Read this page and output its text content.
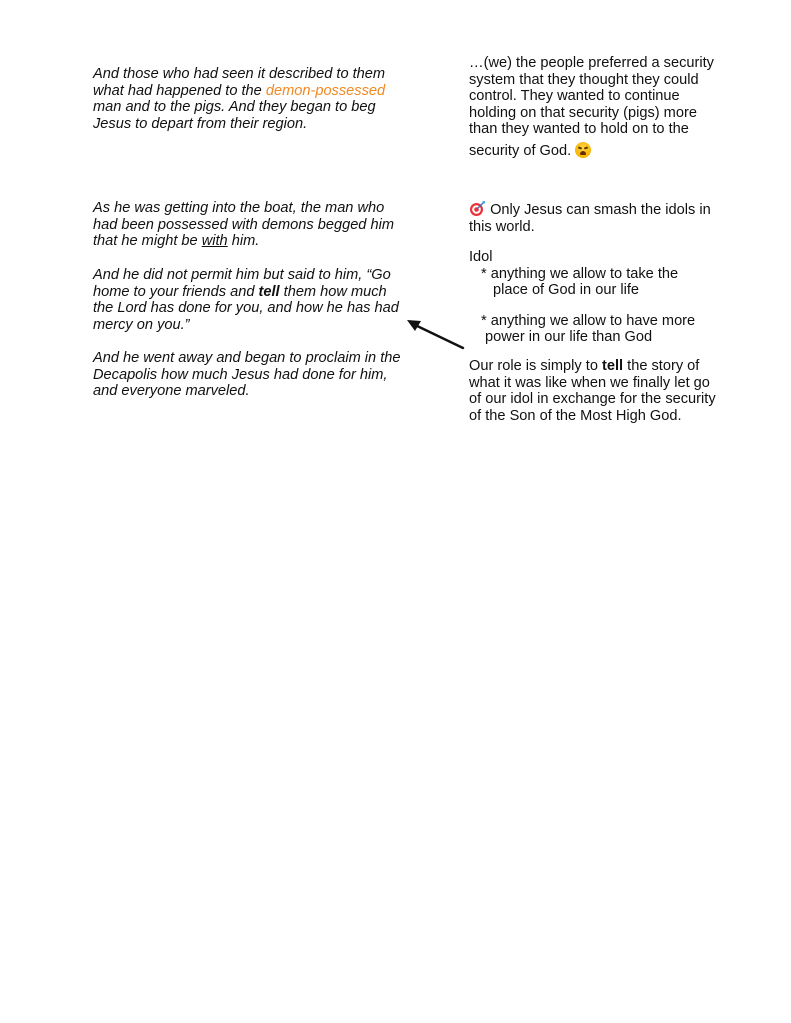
And those who had seen it described to them what had happened to the demon-possessed man and to the pigs. And they began to beg Jesus to depart from their region.

As he was getting into the boat, the man who had been possessed with demons begged him that he might be with him.

And he did not permit him but said to him, “Go home to your friends and tell them how much the Lord has done for you, and how he has had mercy on you.”

And he went away and began to proclaim in the Decapolis how much Jesus had done for him, and everyone marveled.

…(we) the people preferred a security
system that they thought they could
control. They wanted to continue
holding on that security (pigs) more
than they wanted to hold on to the
security of God.

Only Jesus can smash the idols in this world.

Idol
* anything we allow to take the
place of God in our life
* anything we allow to have more
power in our life than God

Our role is simply to tell the story of what it was like when we finally let go of our idol in exchange for the security of the Son of the Most High God.
